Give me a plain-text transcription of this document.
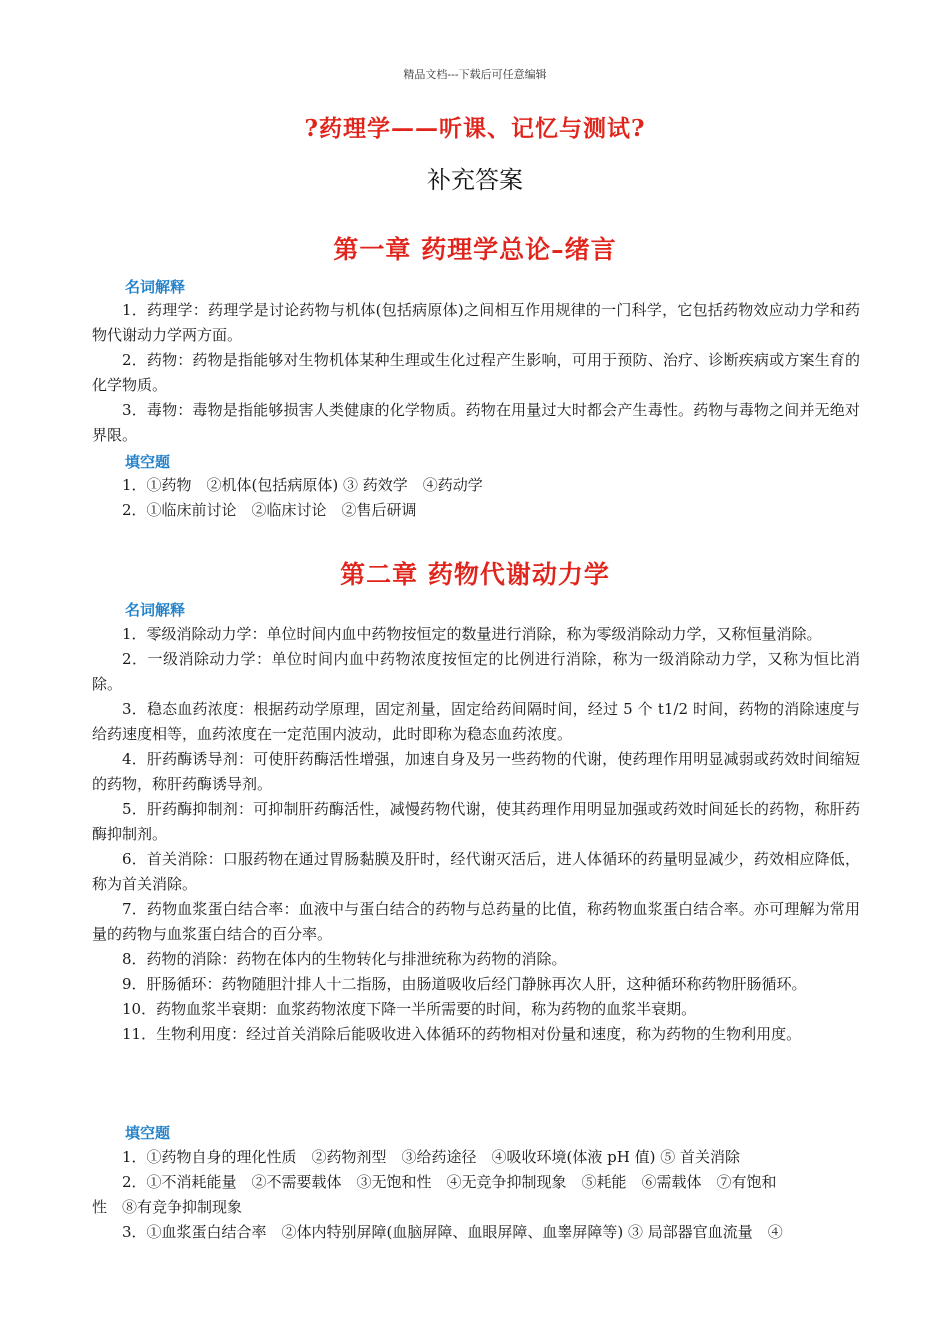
精品文档---下载后可任意编辑
?药理学——听课、记忆与测试?
补充答案
第一章 药理学总论–绪言
名词解释

1．药理学：药理学是讨论药物与机体(包括病原体)之间相互作用规律的一门科学，它包括药物效应动力学和药物代谢动力学两方面。

2．药物：药物是指能够对生物机体某种生理或生化过程产生影响，可用于预防、治疗、诊断疾病或方案生育的化学物质。

3．毒物：毒物是指能够损害人类健康的化学物质。药物在用量过大时都会产生毒性。药物与毒物之间并无绝对界限。

填空题

1．①药物　②机体(包括病原体) ③ 药效学　④药动学

2．①临床前讨论　②临床讨论　②售后研调

第二章 药物代谢动力学
名词解释

1．零级消除动力学：单位时间内血中药物按恒定的数量进行消除，称为零级消除动力学，又称恒量消除。

2．一级消除动力学：单位时间内血中药物浓度按恒定的比例进行消除，称为一级消除动力学，又称为恒比消除。

3．稳态血药浓度：根据药动学原理，固定剂量，固定给药间隔时间，经过 5 个 t1/2 时间，药物的消除速度与给药速度相等，血药浓度在一定范围内波动，此时即称为稳态血药浓度。

4．肝药酶诱导剂：可使肝药酶活性增强，加速自身及另一些药物的代谢，使药理作用明显减弱或药效时间缩短的药物，称肝药酶诱导剂。

5．肝药酶抑制剂：可抑制肝药酶活性，减慢药物代谢，使其药理作用明显加强或药效时间延长的药物，称肝药酶抑制剂。

6．首关消除：口服药物在通过胃肠黏膜及肝时，经代谢灭活后，进人体循环的药量明显减少，药效相应降低，称为首关消除。

7．药物血浆蛋白结合率：血液中与蛋白结合的药物与总药量的比值，称药物血浆蛋白结合率。亦可理解为常用量的药物与血浆蛋白结合的百分率。

8．药物的消除：药物在体内的生物转化与排泄统称为药物的消除。

9．肝肠循环：药物随胆汁排人十二指肠，由肠道吸收后经门静脉再次人肝，这种循环称药物肝肠循环。

10．药物血浆半衰期：血浆药物浓度下降一半所需要的时间，称为药物的血浆半衰期。

11．生物利用度：经过首关消除后能吸收进入体循环的药物相对份量和速度，称为药物的生物利用度。

填空题

1．①药物自身的理化性质　②药物剂型　③给药途径　④吸收环境(体液 pH 值) ⑤ 首关消除

2．①不消耗能量　②不需要载体　③无饱和性　④无竞争抑制现象　⑤耗能　⑥需载体　⑦有饱和

性　⑧有竞争抑制现象

3．①血浆蛋白结合率　②体内特别屏障(血脑屏障、血眼屏障、血睾屏障等) ③ 局部器官血流量　④
